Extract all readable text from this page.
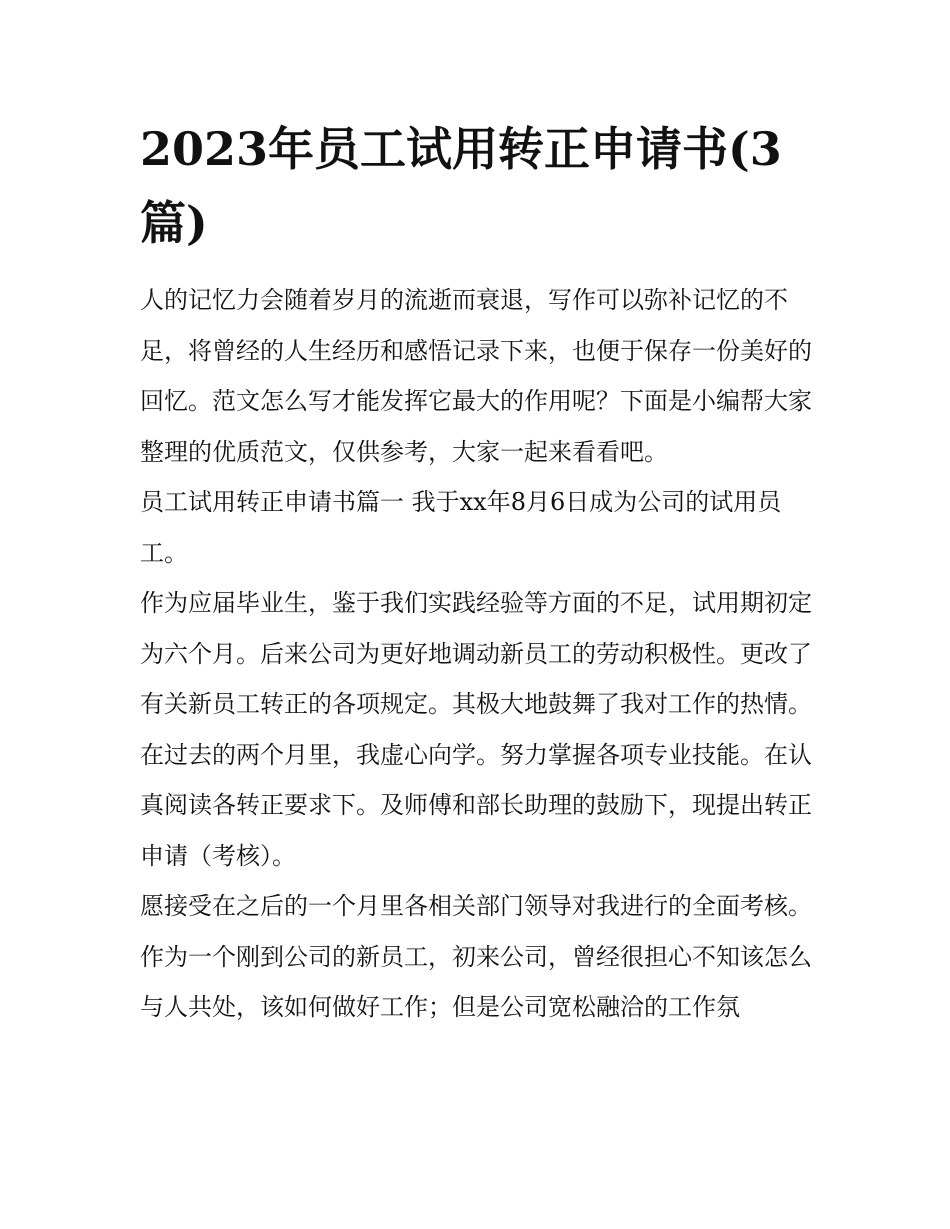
2023年员工试用转正申请书(3篇)

人的记忆力会随着岁月的流逝而衰退，写作可以弥补记忆的不足，将曾经的人生经历和感悟记录下来，也便于保存一份美好的回忆。范文怎么写才能发挥它最大的作用呢？下面是小编帮大家整理的优质范文，仅供参考，大家一起来看看吧。

员工试用转正申请书篇一 我于xx年8月6日成为公司的试用员工。

作为应届毕业生，鉴于我们实践经验等方面的不足，试用期初定为六个月。后来公司为更好地调动新员工的劳动积极性。更改了有关新员工转正的各项规定。其极大地鼓舞了我对工作的热情。在过去的两个月里，我虚心向学。努力掌握各项专业技能。在认真阅读各转正要求下。及师傅和部长助理的鼓励下，现提出转正申请（考核）。

愿接受在之后的一个月里各相关部门领导对我进行的全面考核。

作为一个刚到公司的新员工，初来公司，曾经很担心不知该怎么与人共处，该如何做好工作；但是公司宽松融洽的工作氛
